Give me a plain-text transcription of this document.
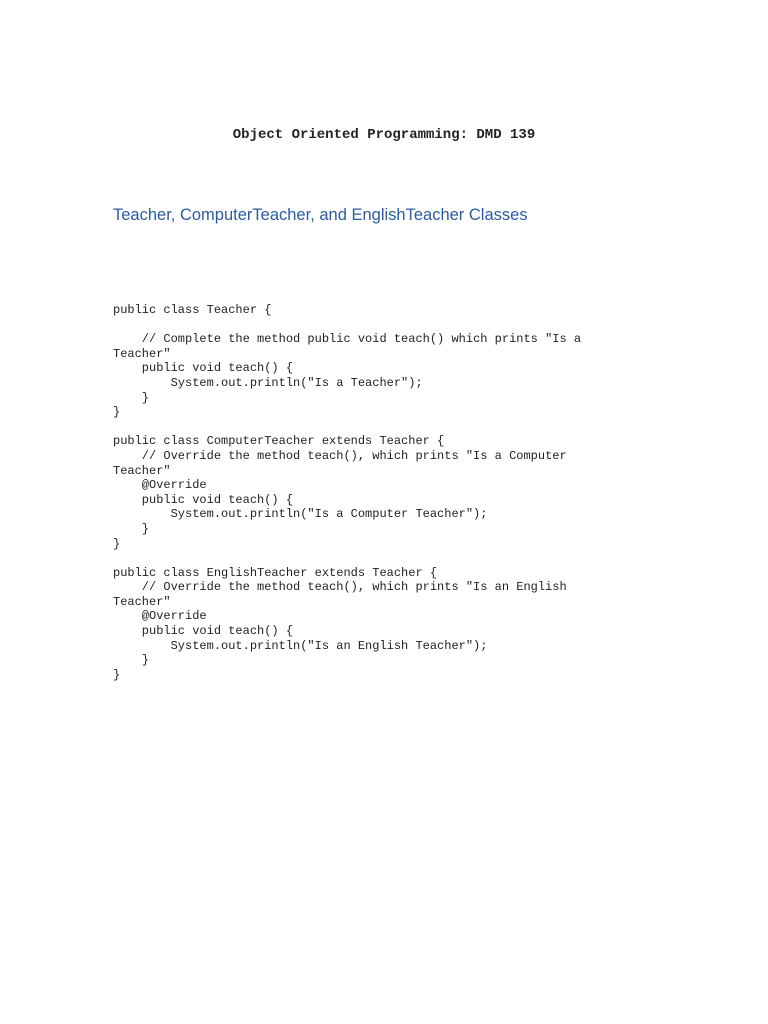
Object Oriented Programming: DMD 139
Teacher, ComputerTeacher, and EnglishTeacher Classes
public class Teacher {
// Complete the method public void teach() which prints "Is a
Teacher"
public void teach() {
System.out.println("Is a Teacher");
}
}
public class ComputerTeacher extends Teacher {
// Override the method teach(), which prints "Is a Computer
Teacher"
@Override
public void teach() {
System.out.println("Is a Computer Teacher");
}
}
public class EnglishTeacher extends Teacher {
// Override the method teach(), which prints "Is an English
Teacher"
@Override
public void teach() {
System.out.println("Is an English Teacher");
}
}
